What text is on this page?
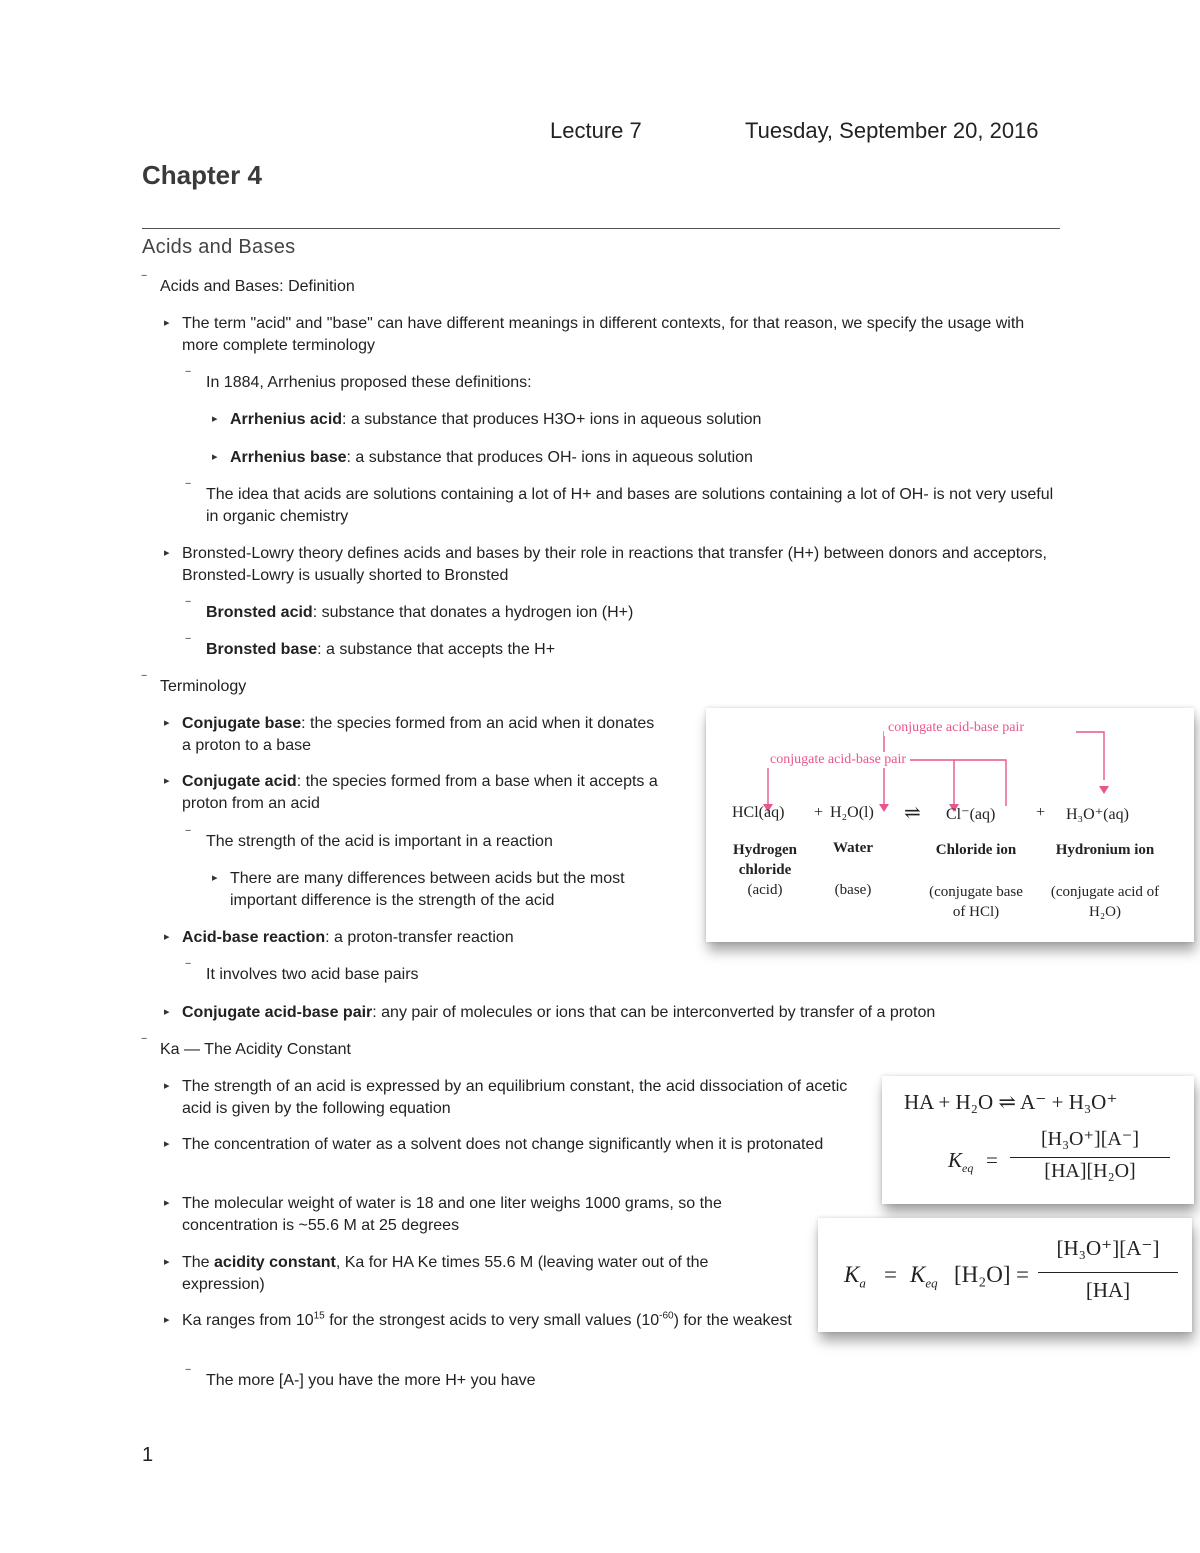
Lecture 7	Tuesday, September 20, 2016
Chapter 4
Acids and Bases
‾ Acids and Bases: Definition
▸ The term "acid" and "base" can have different meanings in different contexts, for that reason, we specify the usage with more complete terminology
‾ In 1884, Arrhenius proposed these definitions:
▸ Arrhenius acid: a substance that produces H3O+ ions in aqueous solution
▸ Arrhenius base: a substance that produces OH- ions in aqueous solution
‾ The idea that acids are solutions containing a lot of H+ and bases are solutions containing a lot of OH- is not very useful in organic chemistry
▸ Bronsted-Lowry theory defines acids and bases by their role in reactions that transfer (H+) between donors and acceptors, Bronsted-Lowry is usually shorted to Bronsted
‾ Bronsted acid: substance that donates a hydrogen ion (H+)
‾ Bronsted base: a substance that accepts the H+
‾ Terminology
▸ Conjugate base: the species formed from an acid when it donates a proton to a base
▸ Conjugate acid: the species formed from a base when it accepts a proton from an acid
‾ The strength of the acid is important in a reaction
▸ There are many differences between acids but the most important difference is the strength of the acid
▸ Acid-base reaction: a proton-transfer reaction
‾ It involves two acid base pairs
▸ Conjugate acid-base pair: any pair of molecules or ions that can be interconverted by transfer of a proton
‾ Ka — The Acidity Constant
▸ The strength of an acid is expressed by an equilibrium constant, the acid dissociation of acetic acid is given by the following equation
▸ The concentration of water as a solvent does not change significantly when it is protonated
▸ The molecular weight of water is 18 and one liter weighs 1000 grams, so the concentration is ~55.6 M at 25 degrees
▸ The acidity constant, Ka for HA Ke times 55.6 M (leaving water out of the expression)
▸ Ka ranges from $10^{15}$ for the strongest acids to very small values $(10^{-60})$ for the weakest
‾ The more [A-] you have the more H+ you have
conjugate acid-base pair
conjugate acid-base pair
HCl(aq) + H₂O(l) ⇌ Cl⁻(aq)	+ H₃O⁺(aq)
Hydrogen chloride
(acid)
Water
(base)
Chloride ion
(conjugate base of HCl)
Hydronium ion
(conjugate acid of H₂O)
HA + H₂O ⇌ A⁻ + H₃O⁺
$K_{eq}$ =
[H₃O⁺][A⁻]
[HA][H₂O]
$K_a = K_{eq}$ [H₂O] =
[H₃O⁺][A⁻]
[HA]
1
